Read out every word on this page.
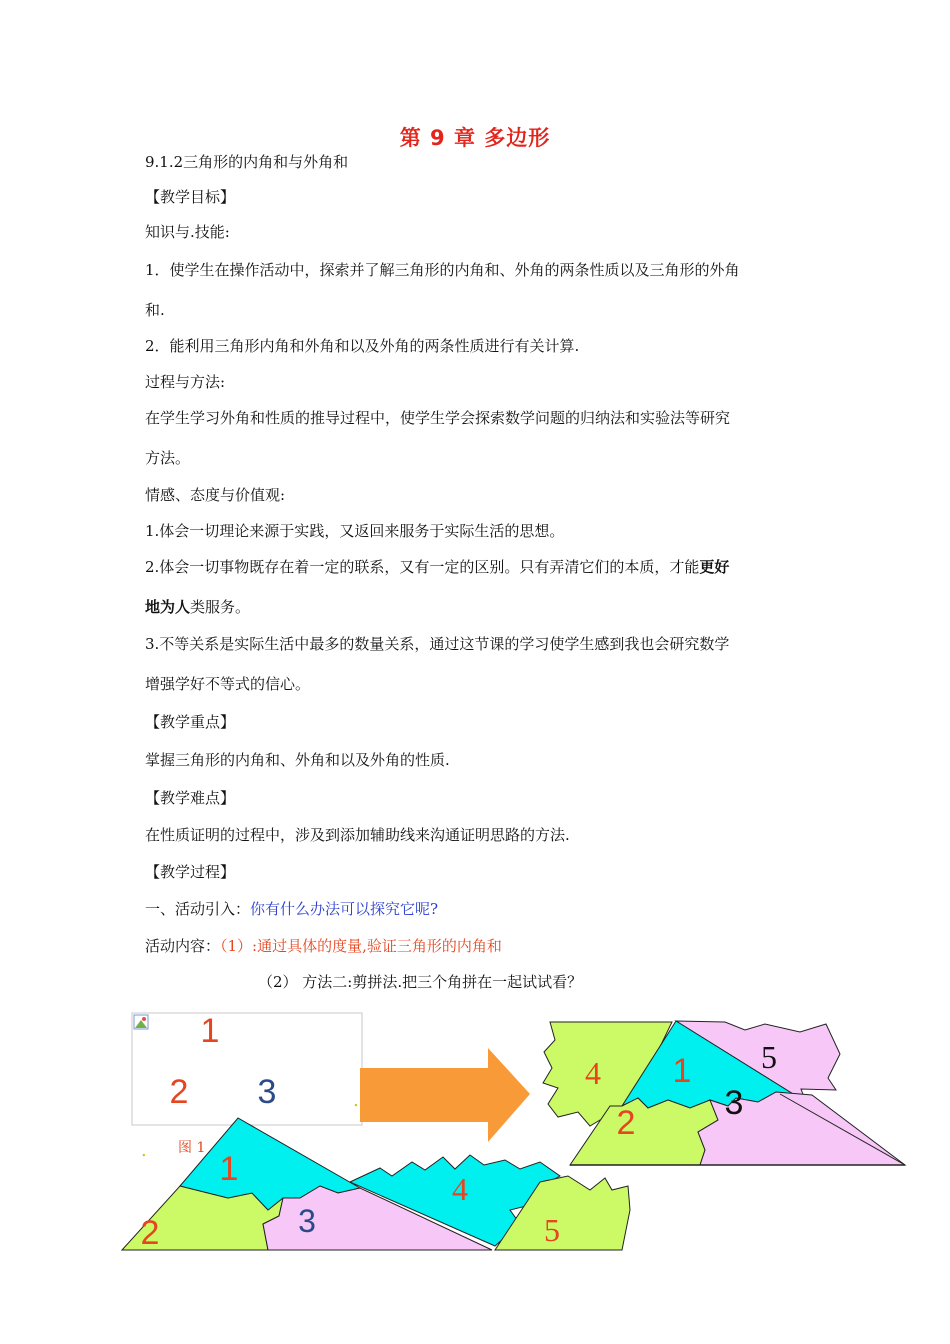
第 9 章 多边形
9.1.2三角形的内角和与外角和
【教学目标】
知识与.技能:
1．使学生在操作活动中，探索并了解三角形的内角和、外角的两条性质以及三角形的外角
和.
2．能利用三角形内角和外角和以及外角的两条性质进行有关计算.
过程与方法:
在学生学习外角和性质的推导过程中，使学生学会探索数学问题的归纳法和实验法等研究
方法。
情感、态度与价值观:
1.体会一切理论来源于实践，又返回来服务于实际生活的思想。
2.体会一切事物既存在着一定的联系，又有一定的区别。只有弄清它们的本质，才能更好
地为人类服务。
3.不等关系是实际生活中最多的数量关系，通过这节课的学习使学生感到我也会研究数学
增强学好不等式的信心。
【教学重点】
掌握三角形的内角和、外角和以及外角的性质.
【教学难点】
在性质证明的过程中，涉及到添加辅助线来沟通证明思路的方法.
【教学过程】
一、活动引入：你有什么办法可以探究它呢?
活动内容：（1）:通过具体的度量,验证三角形的内角和
（2） 方法二:剪拼法.把三个角拼在一起试试看？
1
2 3	.
. 图 1
1
2	3
4
5
4 1 5
3
2
